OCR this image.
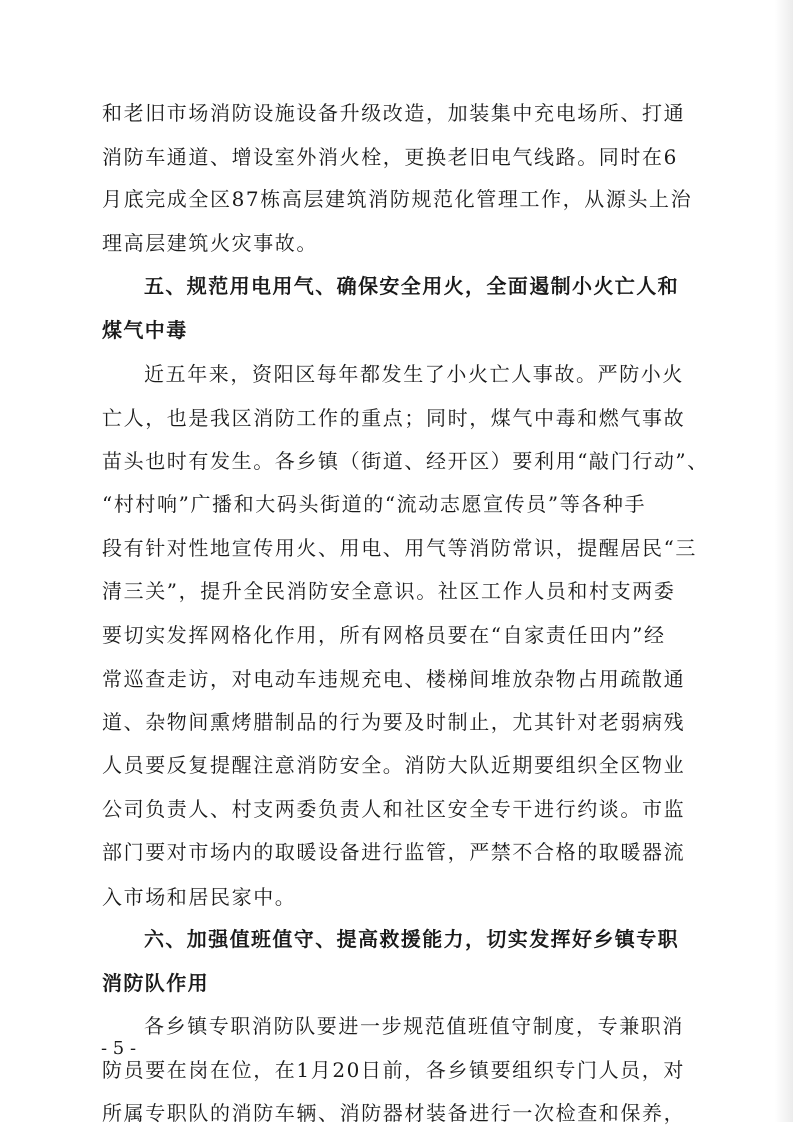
和老旧市场消防设施设备升级改造，加装集中充电场所、打通
消防车通道、增设室外消火栓，更换老旧电气线路。同时在6
月底完成全区87栋高层建筑消防规范化管理工作，从源头上治
理高层建筑火灾事故。
五、规范用电用气、确保安全用火，全面遏制小火亡人和
煤气中毒
近五年来，资阳区每年都发生了小火亡人事故。严防小火
亡人，也是我区消防工作的重点；同时，煤气中毒和燃气事故
苗头也时有发生。各乡镇（街道、经开区）要利用“敲门行动”、
“村村响”广播和大码头街道的“流动志愿宣传员”等各种手
段有针对性地宣传用火、用电、用气等消防常识，提醒居民“三
清三关”，提升全民消防安全意识。社区工作人员和村支两委
要切实发挥网格化作用，所有网格员要在“自家责任田内”经
常巡查走访，对电动车违规充电、楼梯间堆放杂物占用疏散通
道、杂物间熏烤腊制品的行为要及时制止，尤其针对老弱病残
人员要反复提醒注意消防安全。消防大队近期要组织全区物业
公司负责人、村支两委负责人和社区安全专干进行约谈。市监
部门要对市场内的取暖设备进行监管，严禁不合格的取暖器流
入市场和居民家中。
六、加强值班值守、提高救援能力，切实发挥好乡镇专职
消防队作用
各乡镇专职消防队要进一步规范值班值守制度，专兼职消
防员要在岗在位，在1月20日前，各乡镇要组织专门人员，对
所属专职队的消防车辆、消防器材装备进行一次检查和保养，
- 5 -
